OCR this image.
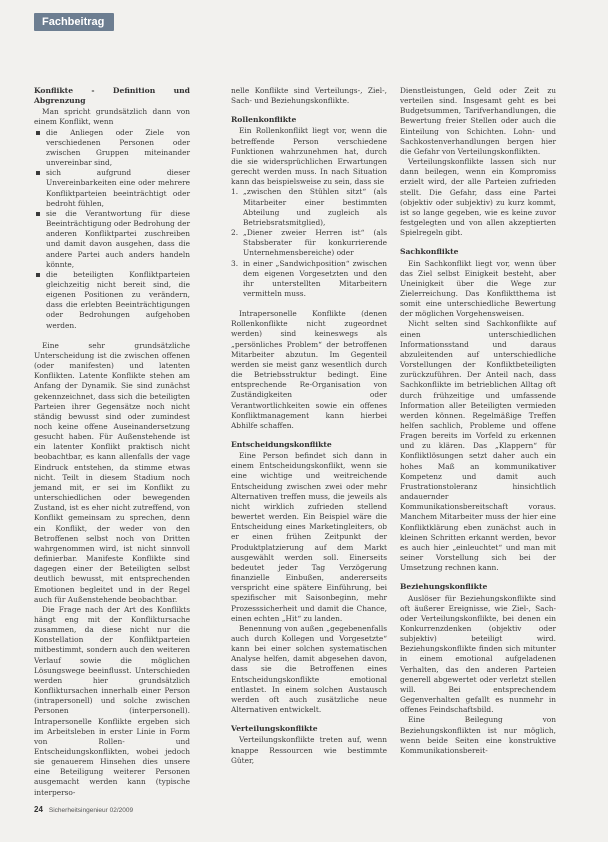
Fachbeitrag
Konflikte - Definition und Abgrenzung

Man spricht grundsätzlich dann von einem Konflikt, wenn

die Anliegen oder Ziele von verschiedenen Personen oder zwischen Gruppen miteinander unvereinbar sind,
sich aufgrund dieser Unvereinbarkeiten eine oder mehrere Konfliktparteien beeinträchtigt oder bedroht fühlen,
sie die Verantwortung für diese Beeinträchtigung oder Bedrohung der anderen Konfliktpartei zuschreiben und damit davon ausgehen, dass die andere Partei auch anders handeln könnte,
die beteiligten Konfliktparteien gleichzeitig nicht bereit sind, die eigenen Positionen zu verändern, dass die erlebten Beeinträchtigungen oder Bedrohungen aufgehoben werden.

Eine sehr grundsätzliche Unterscheidung ist die zwischen offenen (oder manifesten) und latenten Konflikten. Latente Konflikte stehen am Anfang der Dynamik. Sie sind zunächst gekennzeichnet, dass sich die beteiligten Parteien ihrer Gegensätze noch nicht ständig bewusst sind oder zumindest noch keine offene Auseinandersetzung gesucht haben. Für Außenstehende ist ein latenter Konflikt praktisch nicht beobachtbar, es kann allenfalls der vage Eindruck entstehen, da stimme etwas nicht. Teilt in diesem Stadium noch jemand mit, er sei im Konflikt zu unterschiedlichen oder bewegenden Zustand, ist es eher nicht zutreffend, von Konflikt gemeinsam zu sprechen, denn ein Konflikt, der weder von den Betroffenen selbst noch von Dritten wahrgenommen wird, ist nicht sinnvoll definierbar. Manifeste Konflikte sind dagegen einer der Beteiligten selbst deutlich bewusst, mit entsprechenden Emotionen begleitet und in der Regel auch für Außenstehende beobachtbar.

Die Frage nach der Art des Konflikts hängt eng mit der Konfliktursache zusammen, da diese nicht nur die Konstellation der Konfliktparteien mitbestimmt, sondern auch den weiteren Verlauf sowie die möglichen Lösungswege beeinflusst. Unterschieden werden hier grundsätzlich Konfliktursachen innerhalb einer Person (intrapersonell) und solche zwischen Personen (interpersonell). Intrapersonelle Konflikte ergeben sich im Arbeitsleben in erster Linie in Form von Rollen- und Entscheidungskonflikten, wobei jedoch sie genauerem Hinsehen dies unsere eine Beteiligung weiterer Personen ausgemacht werden kann (typische interperso-

nelle Konflikte sind Verteilungs-, Ziel-, Sach- und Beziehungskonflikte.

Rollenkonflikte

Ein Rollenkonflikt liegt vor, wenn die betreffende Person verschiedene Funktionen wahrzunehmen hat, durch die sie widersprüchlichen Erwartungen gerecht werden muss. In nach Situation kann das beispielsweise zu sein, dass sie

1. „zwischen den Stühlen sitzt“ (als Mitarbeiter einer bestimmten Abteilung und zugleich als Betriebsratsmitglied),
2. „Diener zweier Herren ist“ (als Stabsberater für konkurrierende Unternehmensbereiche) oder
3. in einer „Sandwichposition“ zwischen dem eigenen Vorgesetzten und den ihr unterstellten Mitarbeitern vermitteln muss.

Intrapersonelle Konflikte (denen Rollenkonflikte nicht zugeordnet werden) sind keineswegs als „persönliches Problem“ der betroffenen Mitarbeiter abzutun. Im Gegenteil werden sie meist ganz wesentlich durch die Betriebsstruktur bedingt. Eine entsprechende Re-Organisation von Zuständigkeiten oder Verantwortlichkeiten sowie ein offenes Konfliktmanagement kann hierbei Abhilfe schaffen.

Entscheidungskonflikte

Eine Person befindet sich dann in einem Entscheidungskonflikt, wenn sie eine wichtige und weitreichende Entscheidung zwischen zwei oder mehr Alternativen treffen muss, die jeweils als nicht wirklich zufrieden stellend bewertet werden. Ein Beispiel wäre die Entscheidung eines Marketingleiters, ob er einen frühen Zeitpunkt der Produktplatzierung auf dem Markt ausgewählt werden soll. Einerseits bedeutet jeder Tag Verzögerung finanzielle Einbußen, andererseits verspricht eine spätere Einführung, bei spezifischer mit Saisonbeginn, mehr Prozesssicherheit und damit die Chance, einen echten „Hit“ zu landen.

Benennung von außen „gegebenenfalls auch durch Kollegen und Vorgesetzte“ kann bei einer solchen systematischen Analyse helfen, damit abgesehen davon, dass sie die Betroffenen eines Entscheidungskonflikte emotional entlastet. In einem solchen Austausch werden oft auch zusätzliche neue Alternativen entwickelt.

Verteilungskonflikte

Verteilungskonflikte treten auf, wenn knappe Ressourcen wie bestimmte Güter,

Dienstleistungen, Geld oder Zeit zu verteilen sind. Insgesamt geht es bei Budgetsummen, Tarifverhandlungen, die Bewertung freier Stellen oder auch die Einteilung von Schichten. Lohn- und Sachkostenverhandlungen bergen hier die Gefahr von Verteilungskonflikten.

Verteilungskonflikte lassen sich nur dann beilegen, wenn ein Kompromiss erzielt wird, der alle Parteien zufrieden stellt. Die Gefahr, dass eine Partei (objektiv oder subjektiv) zu kurz kommt, ist so lange gegeben, wie es keine zuvor festgelegten und von allen akzeptierten Spielregeln gibt.

Sachkonflikte

Ein Sachkonflikt liegt vor, wenn über das Ziel selbst Einigkeit besteht, aber Uneinigkeit über die Wege zur Zielerreichung. Das Konfliktthema ist somit eine unterschiedliche Bewertung der möglichen Vorgehensweisen.

Nicht selten sind Sachkonflikte auf einen unterschiedlichen Informationsstand und daraus abzuleitenden auf unterschiedliche Vorstellungen der Konfliktbeteiligten zurückzuführen. Der Anteil nach, dass Sachkonflikte im betrieblichen Alltag oft durch frühzeitige und umfassende Information aller Beteiligten vermieden werden können. Regelmäßige Treffen helfen sachlich, Probleme und offene Fragen bereits im Vorfeld zu erkennen und zu klären. Das „Klappern“ für Konfliktlösungen setzt daher auch ein hohes Maß an kommunikativer Kompetenz und damit auch Frustrationstoleranz hinsichtlich andauernder Kommunikationsbereitschaft voraus. Manchem Mitarbeiter muss der hier eine Konfliktklärung eben zunächst auch in kleinen Schritten erkannt werden, bevor es auch hier „einleuchtet“ und man mit seiner Vorstellung sich bei der Umsetzung rechnen kann.

Beziehungskonflikte

Auslöser für Beziehungskonflikte sind oft äußerer Ereignisse, wie Ziel-, Sach- oder Verteilungskonflikte, bei denen ein Konkurrenzdenken (objektiv oder subjektiv) beteiligt wird. Beziehungskonflikte finden sich mitunter in einem emotional aufgeladenen Verhalten, das den anderen Parteien generell abgewertet oder verletzt stellen will. Bei entsprechendem Gegenverhalten gefallt es nunmehr in offenes Feindschaftsbild.

Eine Beilegung von Beziehungskonflikten ist nur möglich, wenn beide Seiten eine konstruktive Kommunikationsbereit-

24 Sicherheitsingenieur 02/2009
